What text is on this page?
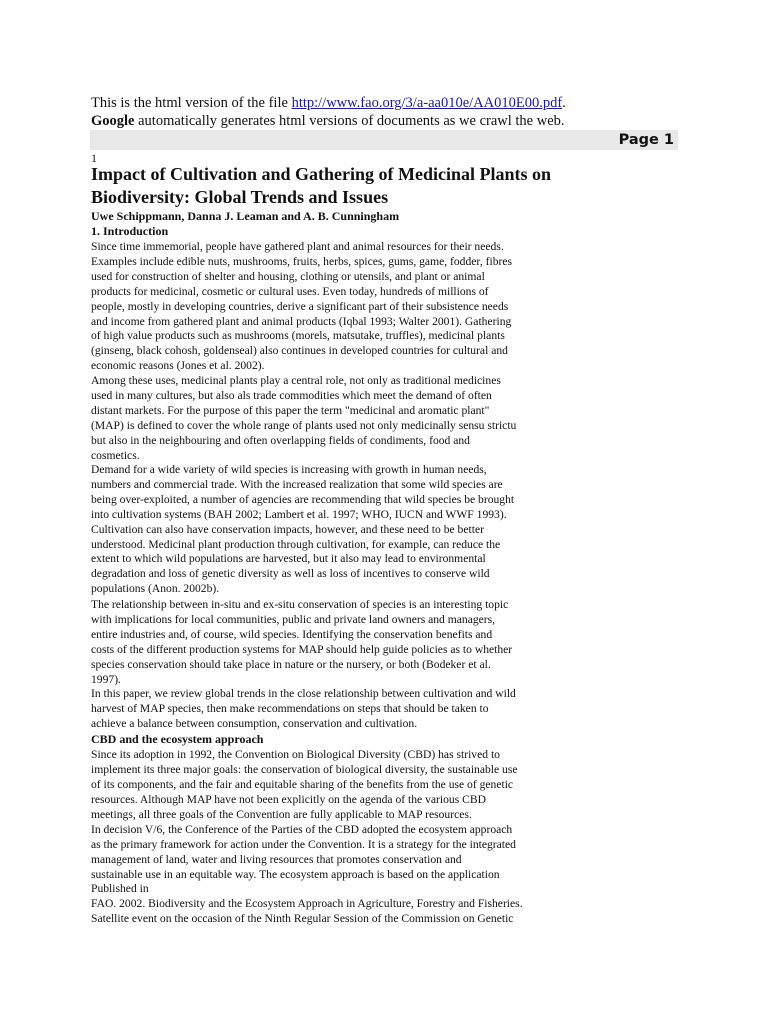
This is the html version of the file http://www.fao.org/3/a-aa010e/AA010E00.pdf.
Google automatically generates html versions of documents as we crawl the web.
Page 1
1
Impact of Cultivation and Gathering of Medicinal Plants on Biodiversity: Global Trends and Issues
Uwe Schippmann, Danna J. Leaman and A. B. Cunningham
1. Introduction
Since time immemorial, people have gathered plant and animal resources for their needs.
Examples include edible nuts, mushrooms, fruits, herbs, spices, gums, game, fodder, fibres
used for construction of shelter and housing, clothing or utensils, and plant or animal
products for medicinal, cosmetic or cultural uses. Even today, hundreds of millions of
people, mostly in developing countries, derive a significant part of their subsistence needs
and income from gathered plant and animal products (Iqbal 1993; Walter 2001). Gathering
of high value products such as mushrooms (morels, matsutake, truffles), medicinal plants
(ginseng, black cohosh, goldenseal) also continues in developed countries for cultural and
economic reasons (Jones et al. 2002).
Among these uses, medicinal plants play a central role, not only as traditional medicines
used in many cultures, but also als trade commodities which meet the demand of often
distant markets. For the purpose of this paper the term "medicinal and aromatic plant"
(MAP) is defined to cover the whole range of plants used not only medicinally sensu strictu
but also in the neighbouring and often overlapping fields of condiments, food and
cosmetics.
Demand for a wide variety of wild species is increasing with growth in human needs,
numbers and commercial trade. With the increased realization that some wild species are
being over-exploited, a number of agencies are recommending that wild species be brought
into cultivation systems (BAH 2002; Lambert et al. 1997; WHO, IUCN and WWF 1993).
Cultivation can also have conservation impacts, however, and these need to be better
understood. Medicinal plant production through cultivation, for example, can reduce the
extent to which wild populations are harvested, but it also may lead to environmental
degradation and loss of genetic diversity as well as loss of incentives to conserve wild
populations (Anon. 2002b).
The relationship between in-situ and ex-situ conservation of species is an interesting topic
with implications for local communities, public and private land owners and managers,
entire industries and, of course, wild species. Identifying the conservation benefits and
costs of the different production systems for MAP should help guide policies as to whether
species conservation should take place in nature or the nursery, or both (Bodeker et al.
1997).
In this paper, we review global trends in the close relationship between cultivation and wild
harvest of MAP species, then make recommendations on steps that should be taken to
achieve a balance between consumption, conservation and cultivation.
CBD and the ecosystem approach
Since its adoption in 1992, the Convention on Biological Diversity (CBD) has strived to
implement its three major goals: the conservation of biological diversity, the sustainable use
of its components, and the fair and equitable sharing of the benefits from the use of genetic
resources. Although MAP have not been explicitly on the agenda of the various CBD
meetings, all three goals of the Convention are fully applicable to MAP resources.
In decision V/6, the Conference of the Parties of the CBD adopted the ecosystem approach
as the primary framework for action under the Convention. It is a strategy for the integrated
management of land, water and living resources that promotes conservation and
sustainable use in an equitable way. The ecosystem approach is based on the application
Published in
FAO. 2002. Biodiversity and the Ecosystem Approach in Agriculture, Forestry and Fisheries.
Satellite event on the occasion of the Ninth Regular Session of the Commission on Genetic
